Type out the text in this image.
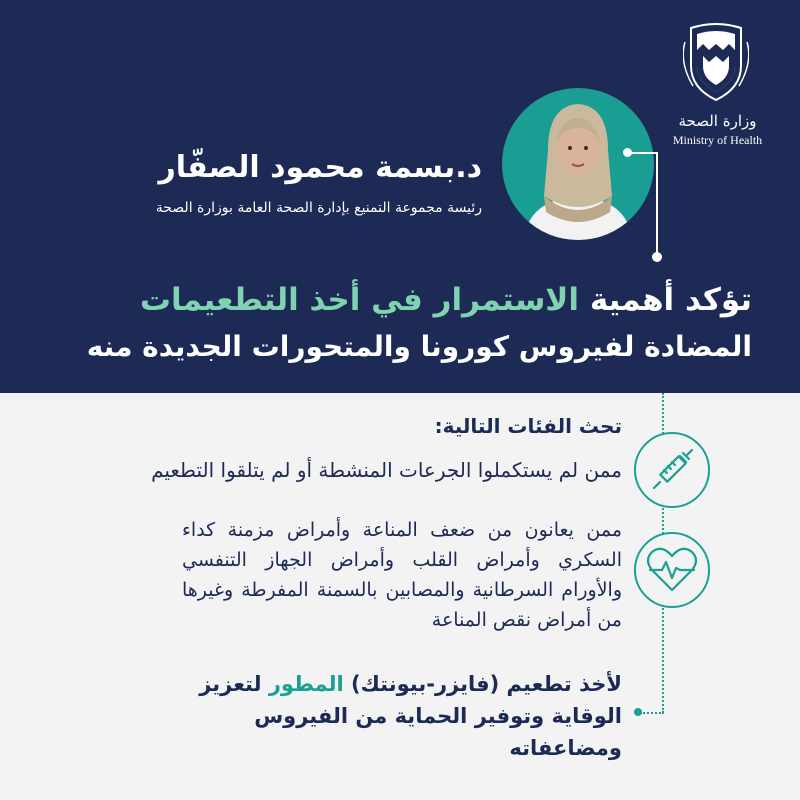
وزارة الصحة
Ministry of Health
د.بسمة محمود الصفّار
رئيسة مجموعة التمنيع بإدارة الصحة العامة بوزارة الصحة
تؤكد أهمية الاستمرار في أخذ التطعيمات
المضادة لفيروس كورونا والمتحورات الجديدة منه
تحث الفئات التالية:
ممن لم يستكملوا الجرعات المنشطة أو لم يتلقوا التطعيم
ممن يعانون من ضعف المناعة وأمراض مزمنة كداء السكري وأمراض القلب وأمراض الجهاز التنفسي والأورام السرطانية والمصابين بالسمنة المفرطة وغيرها من أمراض نقص المناعة
لأخذ تطعيم (فايزر-بيونتك) المطور لتعزيز الوقاية وتوفير الحماية من الفيروس ومضاعفاته
